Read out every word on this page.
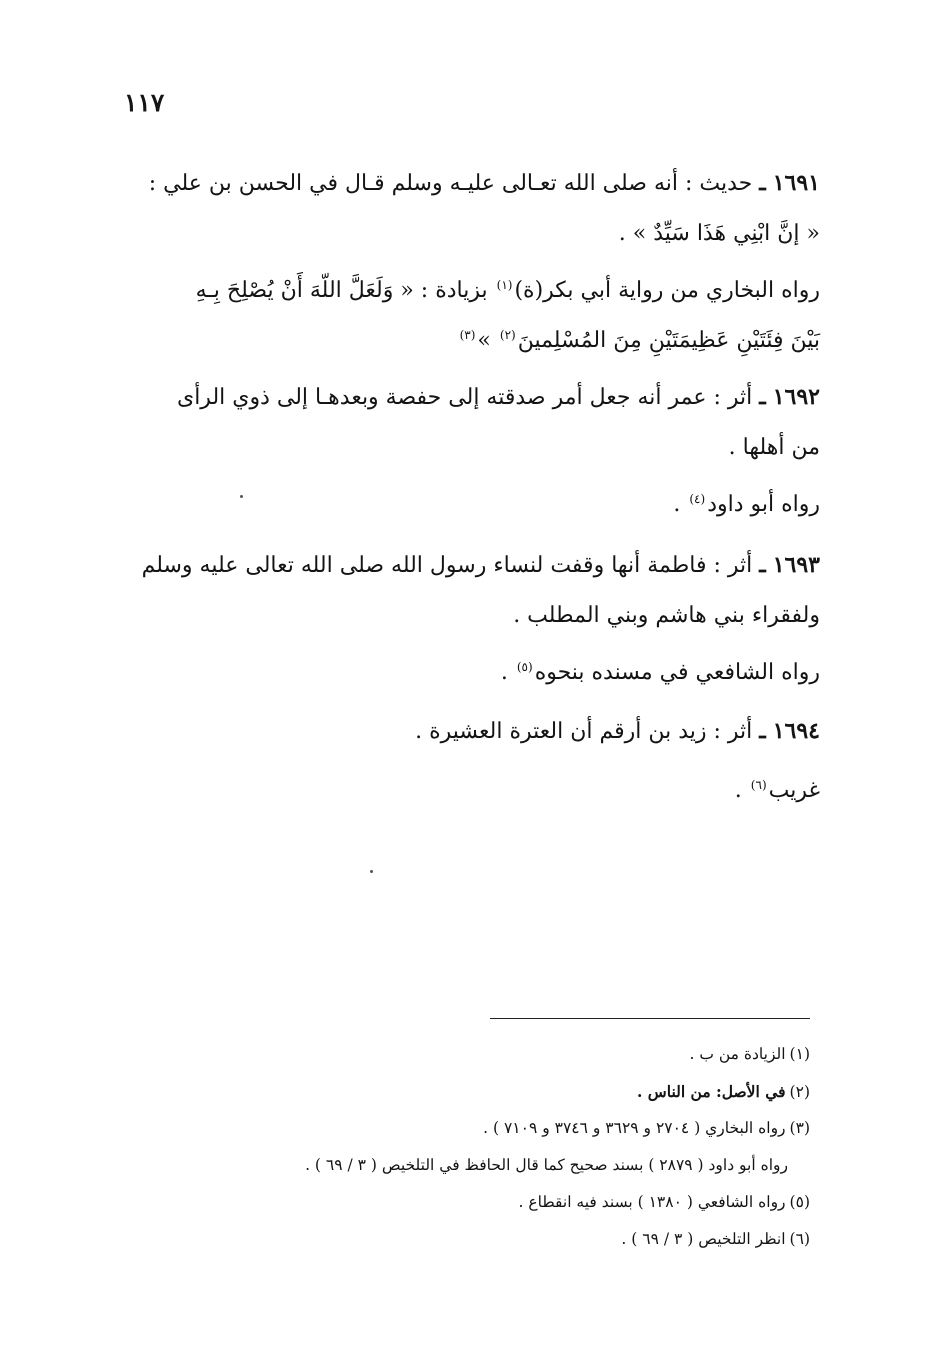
١١٧
١٦٩١ ـ حديث : أنه صلى الله تعـالى عليـه وسلم قـال في الحسن بن علي :
« إنَّ ابْنِي هَذَا سَيِّدٌ » .
رواه البخاري من رواية أبي بكر(ة)$^{(١)}$ بزيادة : « وَلَعَلَّ اللّهَ أَنْ يُصْلِحَ بِـهِ
بَيْنَ فِئَتَيْنِ عَظِيمَتَيْنِ مِنَ المُسْلِمينَ$^{(٢)}$ »$^{(٣)}$
١٦٩٢ ـ أثر : عمر أنه جعل أمر صدقته إلى حفصة وبعدهـا إلى ذوي الرأى
من أهلها .
رواه أبو داود$^{(٤)}$ .
١٦٩٣ ـ أثر : فاطمة أنها وقفت لنساء رسول الله صلى الله تعالى عليه وسلم
ولفقراء بني هاشم وبني المطلب .
رواه الشافعي في مسنده بنحوه$^{(٥)}$ .
١٦٩٤ ـ أثر : زيد بن أرقم أن العترة العشيرة .
غريب$^{(٦)}$ .
(١)الزيادة من ب .
(٢)في الأصل: من الناس .
(٣)رواه البخاري ( ٢٧٠٤ و ٣٦٢٩ و ٣٧٤٦ و ٧١٠٩ ) .
رواه أبو داود ( ٢٨٧٩ ) بسند صحيح كما قال الحافظ في التلخيص ( ٣ / ٦٩ ) .
(٥)رواه الشافعي ( ١٣٨٠ ) بسند فيه انقطاع .
(٦)انظر التلخيص ( ٣ / ٦٩ ) .
